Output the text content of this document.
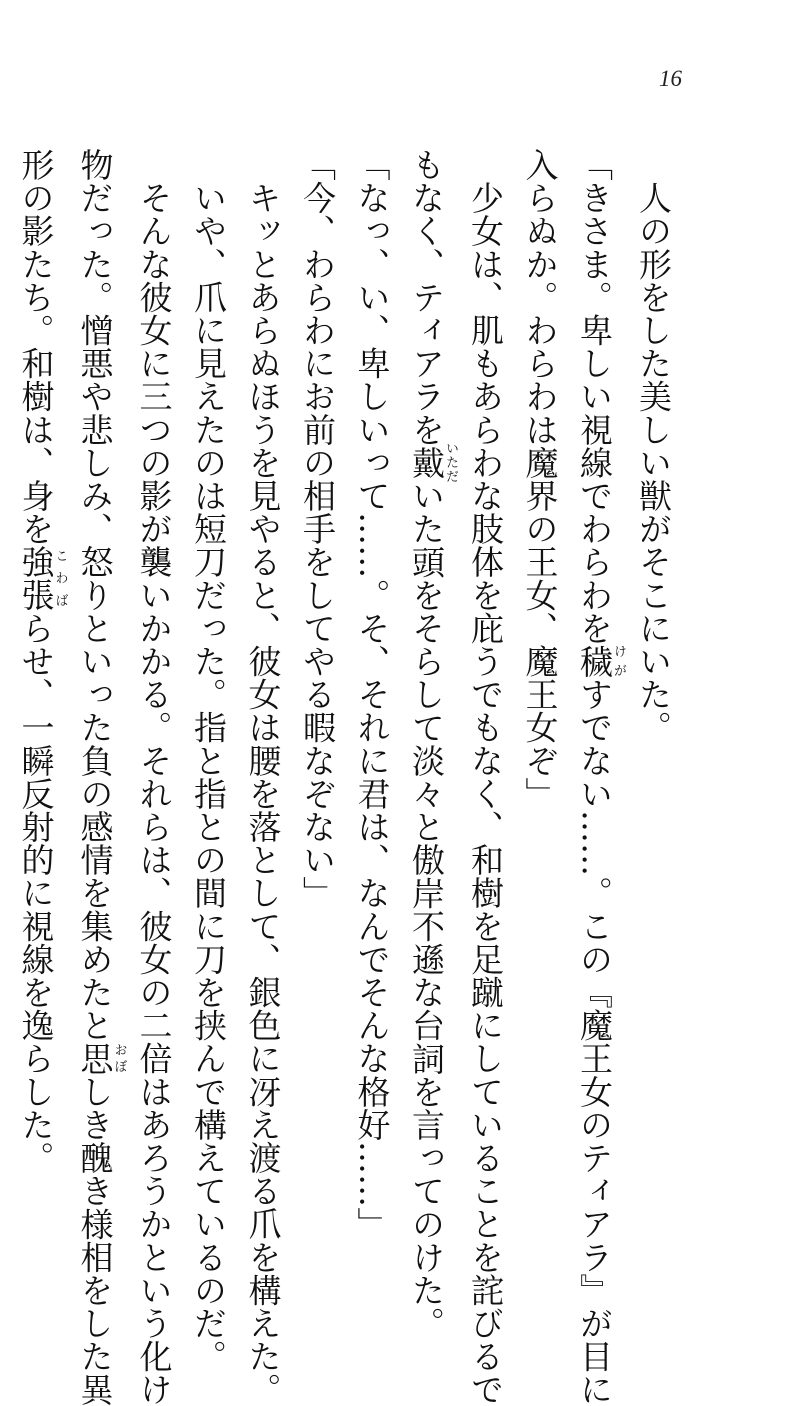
16

　人の形をした美しい獣がそこにいた。

「きさま。卑しい視線でわらわを穢け がすでない……。この『魔王女のティアラ』が目に

入らぬか。わらわは魔界の王女、魔王女ぞ」

　少女は、肌もあらわな肢体を庇うでもなく、和樹を足蹴にしていることを詫びるで

もなく、ティアラを戴いただいた頭をそらして淡々と傲岸不遜な台詞を言ってのけた。

「なっ、い、卑しいって……。そ、それに君は、なんでそんな格好……」

「今、わらわにお前の相手をしてやる暇なぞない」

　キッとあらぬほうを見やると、彼女は腰を落として、銀色に冴え渡る爪を構えた。

　いや、爪に見えたのは短刀だった。指と指との間に刀を挟んで構えているのだ。

　そんな彼女に三つの影が襲いかかる。それらは、彼女の二倍はあろうかという化け

物だった。憎悪や悲しみ、怒りといった負の感情を集めたと思おぼしき醜き様相をした異

形の影たち。和樹は、身を強張こわばらせ、一瞬反射的に視線を逸らした。
